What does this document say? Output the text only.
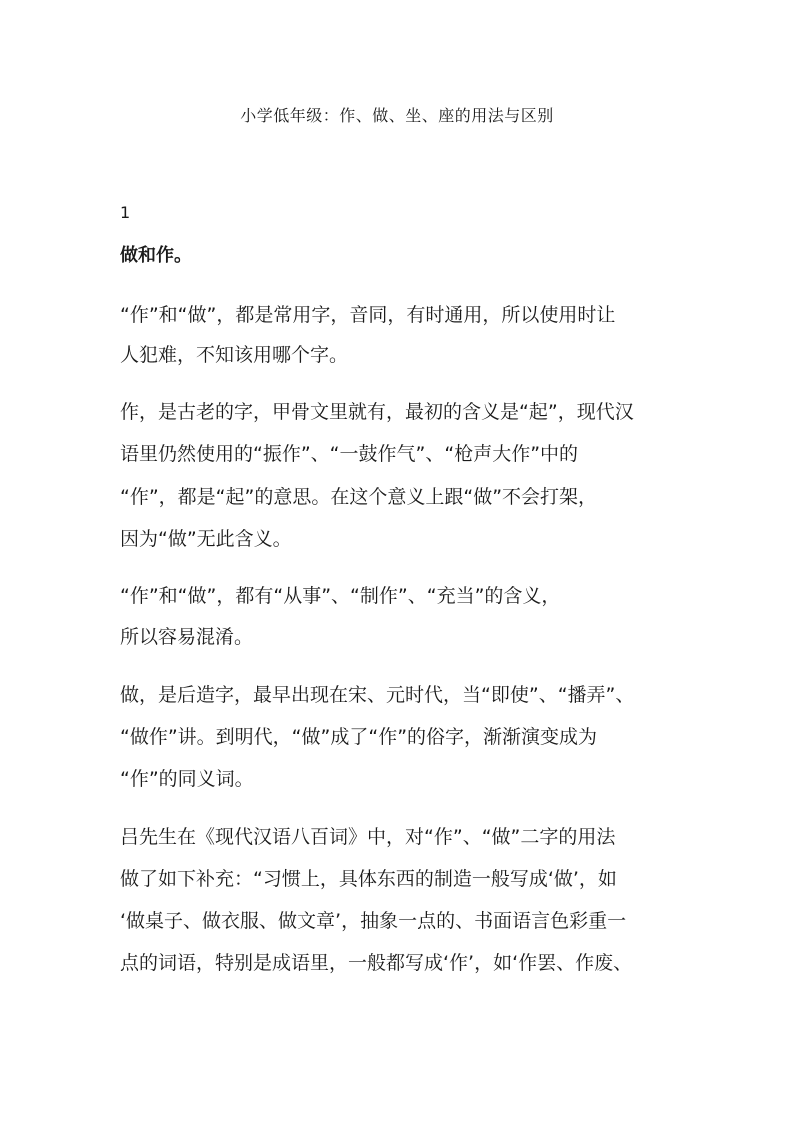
小学低年级：作、做、坐、座的用法与区别
1
做和作。
“作”和“做”，都是常用字，音同，有时通用，所以使用时让
人犯难，不知该用哪个字。
作，是古老的字，甲骨文里就有，最初的含义是“起”，现代汉
语里仍然使用的“振作”、“一鼓作气”、“枪声大作”中的
“作”，都是“起”的意思。在这个意义上跟“做”不会打架，
因为“做”无此含义。
“作”和“做”，都有“从事”、“制作”、“充当”的含义，
所以容易混淆。
做，是后造字，最早出现在宋、元时代，当“即使”、“播弄”、
“做作”讲。到明代，“做”成了“作”的俗字，渐渐演变成为
“作”的同义词。
吕先生在《现代汉语八百词》中，对“作”、“做”二字的用法
做了如下补充：“习惯上，具体东西的制造一般写成‘做’，如
‘做桌子、做衣服、做文章’，抽象一点的、书面语言色彩重一
点的词语，特别是成语里，一般都写成‘作’，如‘作罢、作废、
